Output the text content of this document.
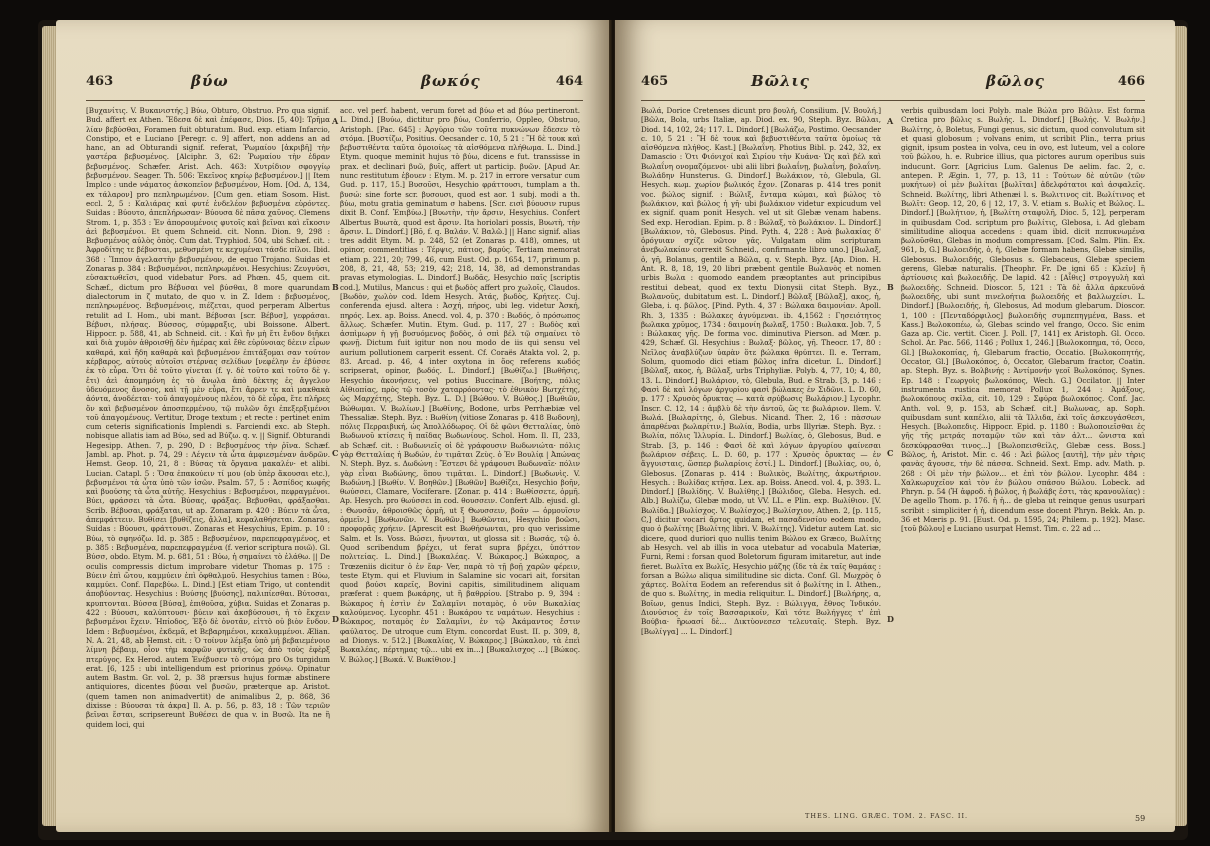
463	βύω	βωκός	464

[Βυχανίτις. V. Βυκανιστής.] Βύω, Obturo, Obstruo. Pro qua signif. Bud. affert ex Athen. Ἔδεσα δὲ καὶ ἐπέφασε, Dios. [5, 40]: Τρῆμα λίαν βεβύσθαι, Foramen fuit obturatum. Bud. exp. etiam Infarcio, Constipo, et e Luciano [Peregr. c. 9] affert, non addens an ad hanc, an ad Obturandi signif. referat, Ῥωμαίου [ἀκριβῆ] τὴν γαστέρα βεβυσμένος. [Alciphr. 3, 62: Ῥωμαίου τὴν ἐδραν βεβυσμένος. Schæfer. Arist. Ach. 463: Χυτρίδιον σφογγίῳ βεβυσμένον. Seager. Th. 506: Ἐκεῖνος κηρίῳ βεβυσμένον.] || Item Implco : unde νάματος ἀσκοπεῖον βεβυσμένον, Hom. [Od. Δ, 134, ex τάλαρον] pro πεπληρωμένον. [Cum gen. etiam Sosom. Hist. eccl. 2, 5 : Καλιάρας καὶ φυτέ ἐνδελέον βεβυσμένα εὑρόντες. Suidas : Βύουτο, ἀπεπλήρωσαν· Βύουσα δὲ πᾶσα χαῦνος. Clemens Strom. 1, p. 353 : Ἐν ἀπορουμένοις φυτοῖς καὶ βεῖναι καὶ εἴκοσιν ἀεὶ βεβυσμένοι. Et quem Schneid. cit. Nonn. Dion. 9, 298 : Βεβυσμένος αὐλὸς ὁπὸς. Cum dat. Tryphiod. 504, ubi Schæf. cit. : Ἀφροδίτης τε βέβυσται, μεθυσμένη τε κεχυμέναι τάσδε πίλοι. Ibid. 368 : Ἵππον ἀγελαστὴν βεβυσμένον, de equo Trojano. Suidas et Zonaras p. 384 : Βεβυσμένοι, πεπληρωμένοι. Hesychius: Ζευγνύσι, εὐσακτωθεῖσι, quod videbatur Pors. ad Phœn. 45, quem cit. Schæf., dictum pro Βέβυσαι vel βύσθαι, 8 more quarundam dialectorum in ζ mutato, de quo v. in Ζ. Idem : βεβυσμένος, πεπληρωμένος. Βεβυσμένοις, πιέζεται, quod perperam Albertus retulit ad I. Hom., ubi mant. Βέβυσαι [scr. Βέβυσ], γεφράσαι. Βέβυσι, πλήσας. Βύσσος, σύμφραξις, ubi Boissone. Albert. Hippocr. p. 588, 41, ab Schneid. cit. : Καὶ ἤν μὴ ἔτι ἔνδον διῆκει καὶ διὰ χυμὸν ἀθροισθῇ δὲν ἡμέρας καὶ ἔθε εὐρύνοιας δὲειν εἶρων καθαρά, καὶ ἤδη καθαρὰ καὶ βεβυσμένον ἐπιτάξομαι σαν τούτον κέρβαρος, αὐτοὺς αὐτοῖσι στέρνας σελίδων [νεφέλην ἐν ἐβύσσε ἐκ τὸ εὖρα. Ὅτι δὲ τοῦτο γίνεται (f. γ. δὲ τοῦτο καὶ τοῦτο δὲ γ. ἔτι) ἀεὶ ἀπομημόνη ἐς τὸ ἄνωλα ἀπὸ δὲκτης ἐς ἄγγελον ὑδευόμενος ἄνοσος, καὶ τῇ μὲν εὖρα, ἔτι ἄρρεν τε καὶ μακθακὰ ἀόντα, ἀνοδέεται· τοῦ ἀπαγομένους πλέον, τὸ δὲ εὖρα, ἔτε πλῆρες ὄν καὶ βεβυσμένον ἀποσπερμένου, τῷ πυλῶν ὄχι ἐπεξερξιμένοι τοῦ ἀπαγομένους. Vertitur, Droge textum ; et recte : pertinet enim cum ceteris significationis Implendi s. Farciendi exc. ab Steph. nobisque allatis iam ad Βύω, sed ad Βύζω. q. v. || Signif. Obturandi Hegesipp. Athen. 7, p. 290, D : Βεβυσμένος τὴν ῥῖνα. Schæf. Jambl. ap. Phot. p. 74, 29 : Λέγειν τὰ ὦτα ἀμφιεσμέναν ἀνδρῶν. Hemst. Geop. 10, 21, 8 : Βύσας τὰ ὄργανα μακαλέν· et alibi. Lucian. Catapl. 5 : Ὅσα ἐπακούειν τί μου (ob ὑπὲρ ἄκουσαι etc.), βεβυσμένοι τὰ ὦτα ὑπὸ τῶν ἰσῶν. Psalm. 57, 5 : Ἀσπίδος κωφῆς καὶ βυούσης τὰ ὦτα αὐτῆς. Hesychius : Βεβυσμένοι, πεφραγμένοι. Βύει, φράσσει τὰ ὦτα. Βύσας, φράξας. Βεβυσθαι, φράξασθαι. Scrib. Βέβυσαι, φράξαται, ut ap. Zonaram p. 420 : Βύειν τὰ ὦτα, ἀπεμφάττειν. Βυθίσει [βυθίζεις, ᾄλλα], κεφαλαθήσεται. Zonaras, Suidas : Βύουσι, φράττουσι. Zonaras et Hesychius, Epim. p. 10 : Βύω, τὸ σφηνόζω. Id. p. 385 : Βεβυσμένον, παρεπεφραγμένος, et p. 385 : Βεβυσμένα, παρεπεφραγμένα (f. verior scriptura ποιῶ). Gl. Βύσσ, obdo. Etym. M. p. 681, 51 : Βύω, ἡ σημαίνει τὸ ἐλάθω. || De oculis compressis dictum improbare videtur Thomas p. 175 : Βύειν ἐπὶ ὤτου, καμμύειν ἐπὶ ὀφθαλμοῦ. Hesychius tamen : Βύω, καμμύει. Conf. Παρεβύω. L. Dind.] [Est etiam Trigo, ut contendit ἀποβύοντας. Hesychius : Βυύσης [βυύσης], παλιπίεσθαι. Βύτοσαι, κρυπτονται. Βύσσα [Βύσα], ἐπιθοῦσα, χύβια. Suidas et Zonaras p. 422 : Βύουσι, καλύπτουσι· βύειν καὶ ἀκσβύσουσι, ἡ τὸ ἔκχειν βεβυσμένοι ἔχειν. Ἠπίοδος, Ἐξὸ δὲ ὀνοτᾶν, εἰττὸ οὐ βιὸν ἔνδον. Idem : Βεβυσμένοι, ἐκδεμᾶ, et Βεβαρημένοι, κεκαλυμμένοι. Ælian. N. A. 21, 48, ab Hemst. cit. : Ὁ τοίνυν λέμξα ὑπὸ μή βεβαιεμένοιο λίμνη βέβαιμ, οἷον τὴμ καρφῶν φυτικῆς, ὠς ἀπὸ τοὺς ἐφὲρξ πτερύγος. Ex Herod. autem Ἐνέβυσεν τὸ στόμα pro Os turgidum erat. [6, 125 : ubi intelligendum est priorinus χρόνῳ. Opinatur autem Bastm. Gr. vol. 2, p. 38 prærsus hujus formæ abstinere antiquiores, dicentes βύσαι vel βυσῶν, præterque ap. Aristot. (quem tamen non animadvertit) de animalibus 2, p. 868, 36 dixisse : Βύουσαι τὰ ἀκρα] Il. A. p. 56, p. 83, 18 : Τῶν τεριῶν βεῖναι ἔσται, scripsereunt Βυθέσει de qua v. in Βυσῶ. Ita ne ἢ quidem loci, qui

acc. vel perf. habent, verum foret ad βύω et ad βύω pertineront. L. Dind.] [Βυύω, dictitur pro βύω, Conferrio, Oppleo, Obstruo, Aristoph. [Pac. 645] : Ἀργύριο τῶν τοῦτα πυκνώνων ἔδεσεν τὸ στόμα. [Βυστίζω, Positius. Oecsander c. 10, 5 21 : Ἢ δὲ τουκ καὶ βεβυστιθέντα ταῦτα ὁμοιοίως τὰ αἰσθόμενα πλήθωμα. L. Dind.] Etym. quoque meminit hujus τὸ βύω, dicens e fut. transsisse in prax. et declinari βυῶ, βυῖς, affert ut particip. βυῶν. [Apud Ar. nunc restitutum ἐβουεν : Etym. M. p. 217 in errore versatur cum Gud. p. 117, 15.] Βυσοῦσι, Hesychio φράττουσι, tumplam a th. βυσώ: sine forte scr. βυσουσι, quod est aor. 1 subj. modi a th. βύω, motu gratia geminatum σ habens. [Scr. εισὶ βύουσιν rupus dixit Β. Conf. Ἐπιβύω.] [Βυωτὴν, τὴν ἄρσιν, Hesychius. Confert Albertus Βυωτὰ, quod est ἄρσιν. Ita horiolari possis, Βυωτὴ, τὴν ἄρσιν. L. Dindorf.] [Bō, f. q. Βαλάν. V. Βαλῶ.] || Hanc signif. alias tres addit Etym. M. p. 248, 52 (et Zonaras p. 418), omnes, ut opinor, commentitias : Τέρψις, πάτιος, βαρύς. Tertiam memorat etiam p. 221, 20; 799, 46, cum Eust. Od. p. 1654, 17, primum p. 208, 8, 21, 48, 53; 219, 42; 218, 14, 38, ad demonstrandas pravas etymologias. L. Dindorf.] Βωδᾶς, Hesychio παῖς [scriptis cod.], Mutilus, Mancus : qui et βωδὸς affert pro χωλοῖς, Claudos. [Βωδὸν, χωλὸν cod. Idem Hesych. Ἀτάς, βωδὸς, Κρήτες. Cuj. conferenda ejusd. altera : Ἀσχή, πήρος, ubi leg. videtur Ἀσκή, πηρός. Lex. ap. Boiss. Anecd. vol. 4, p. 370 : Βωδός, ὁ πρόσωπος ἄλλως. Schæfer. Mutin. Etym. Gud. p. 117, 27 : Βωδὸς καὶ ἀσπὶμωρν ἡ γῇ βυσυόμενος βοδὸς, ὁ σπὶ βέλ τῷ σημαίνει τὸ φωνῇ. Dictum fuit igitur non nou modo de iis qui sensu vel aurium pollutionem carperit essent. Cf. Coraës Atakta vol. 2, p. 83. Arcad. p. 46, 4 inter oxytona in ὄος referens κωδός scripserat, opinor, βωδός. L. Dindorf.] [Βωθίζω.] [Βωθῆσις, Hesychio ἀκονήσεις, vel potius Buccinare. [Βοήτης, πόλις Αἰθιοπίας, πρὸς τῷ τοσὸν χαταρρόοντας· τὸ ἐθνικὸν Βωτχέτης, ὡς Μαρχέτης, Steph. Byz. L. D.] [Βώθου. V. Βώθος.] [Βωθιῶν, Βώθωμαι. V. Βωλίων.] [Βωθίνης, Bodone, urbs Perrhæbiæ vel Thessaliæ. Steph. Byz. : Βωθίνη (vitiose Zonaras p. 418 Βωδονη), πόλις Περραιβική, ὡς Ἀπολλόδωρος. Οἱ δὲ φῶνι Θετταλίας, ὑπὸ Βωδωνοῦ κτίσεις ἢ παῖδας Βωδωνίους. Schol. Hom. Il. Π, 233, ab Schæf. cit. : Βωδωνιεῖς οἱ δὲ γράφουσιν Βωδωνιώτα· πόλις γὰρ Θετταλίας ἡ Βωδών, ἐν τιμᾶται Ζεὺς. ὁ Ἐν Βουλίᾳ | Ἀπώνας N. Steph. Byz. s. Δωδώνη : Ἔστεσι δὲ γράφουσι Βωδωναῖε· πόλιν γὰρ εἶναι Βωδώνης, ὅπου τιμᾶται. L. Dindorf.] [Βωδωνὶς. V. Βωδώνη.] [Βωθίν. V. Βοηθῶν.] [Βωθῶν] Βωθίζει, Hesychio βοῆν, θωύσσει, Clamare, Vociferare. [Zonar. p. 414 : Βωθίσσετε, ὀρμῆ. Ap. Hesych. pro θωύσσει in cod. θουσσειν. Confert Alb. ejusd. gl. : Θωυσᾶν, ἀθροισθῶς ὀρμῆ, ut ξ Θωυσσειν, βοᾶν — ὀρμουῖσιν ὀρμεῖν.] [Βωθωνῶν. V. Βωθῶν.] Βωθῶνται, Hesychio βοῶσι, προφορᾶς χρήειν. [Aprescit est Βωθήσωνται, pro quo verissime Salm. et Is. Voss. Βώσει, ἥνυνται, ut glossa sit : Βωσάς, τῷ ὀ. Quod scribendum βρέχει, ut ferat supra βρέχει, ὑπόττον πολιτείας. L. Dind.] [Βωκαλέας. V. Βώκαρος.] Βώκαρος, a Trœzeniis dicitur ὁ ἐν ἔαρ· Ver, παρὰ τὸ τῇ βοῇ χαρῶν φέρειν, teste Etym. qui et Fluvium in Salamine sic vocari ait, forsitan quod βούσι καρεῖς, Bovini capitis, similitudinem aliquam præferat : quem βωκάρης, ut ἢ βαθρρίου. [Strabo p. 9, 394 : Βώκαρος ἡ ἐστὶν ἐν Σαλαμῖνι ποταμὸς, ὁ νῦν Βωκαλίας καλούμενος. Lycophr. 451 : Βωκάρου τε ναμάτων. Hesychius : Βώκαρος, ποταμὸς ἐν Σαλαμῖνι, ἐν τῷ Ἀκάμαντος ἔστιν φαύλατος. De utroque cum Etym. concordat Eust. II. p. 309, 8, ad Dionys. v. 512.] [Βωκαλίας, V. Βώκαρος.] [Βώκαλον, τὰ ἐπεὶ Βωκαλέας, πέρτημας τῷ... ubi ex in...] [Βωκαλισχος ...] [Βώκος. V. Βώλος.] [Βωκά. V. Βωκίθιον.]

A
B
C
D
465	Βῶλις	βῶλος	466

Βωλά, Dorice Cretenses dicunt pro βουλή, Consilium. [V. Βουλή.] [Βῶλα, Bola, urbs Italiæ, ap. Diod. ex. 90, Steph. Byz. Βῶλαι, Diod. 14, 102, 24; 117. L. Dindorf.] [Βωλάζω, Postimo. Oecsander c. 10, 5 21 : Ἢ δὲ τουκ καὶ βεβυστιθέντα ταῦτα ὁμοίως τὰ αἰσθόμενα πλήθος. Kast.] [Βωλαΐνη. Photius Bibl. p. 242, 32, ex Damascio : Ὁτι Φιόνιχοί καὶ Σιρίου τὴν Κυάνα· Ὡς καὶ βέλ καὶ Βωλαΐνη ονομαζόμενοι· ubi alii libri βωλαΐνῃ, βωλαΐνη, βολαΐνη. Βωλάδην Hunsterus. G. Dindorf.] Βωλάκιον, τὸ, Glebula, Gl. Hesych. κωμ. χωρίον βωλικός ἔχον. [Zonaras p. 414 tres ponit voc. βώλος signif. : Βώλιξ, ἔνταμα κώμαι, καὶ βώλος τὸ βωλάκιον, καὶ βώλος ἡ γῆ· ubi βωλάκιον videtur expicudum vel ex signif. quam ponit Hesych. vel ut sit Glebæ venam habens. Sed exp. Herodian. Epim. p. 8 : Βώλαξ, τὸ βωλάκιον. L. Dindorf.] [Βωλάκιον, τὸ, Glebosus. Pind. Pyth. 4, 228 : Ἀνὰ βωλακίας δ' ὀρόγυιαν σχίζε νῶτον γᾶς. Vulgatam olim scripturam ἀνεβωλακίαν correxit Schneid., confirmante libro uno.] [Βωλαξ, ὁ, γῆ, Bolanus, gentile a Βῶλα, q. v. Steph. Byz. [Ap. Dion. H. Ant. R. 8, 18, 19, 20 libri præbent gentile Βωλανὸς et nomen urbis Βωλα : quomodo eandem præoptantes aut principibus restitui debeat, quod ex textu Dionysii citat Steph. Byz., Βωλανοῦς, dubitatum est. L. Dindorf.] Βῶλαξ [Βῶλαξ], ακος, ἡ, Gleba, i. q. βῶλος. [Pind. Pyth. 4, 37 : Βώλακα δαιμονίαν. Apoll. Rh. 3, 1335 : Βώλακες ἀγνύμεναι. ib. 4,1562 : Γησειότητος βωλακα χρῦμος, 1734 : δαιμονίη βωλαξ, 1750 : Βωλακα. Job. 7, 5 : Βώλακας γῆς. De forma voc. diminutiva Pierson. ad Mœr. p. 429, Schæf. Gl. Hesychius : Βωλαξ· βῶλος, γῆ. Theocr. 17, 80 : Νεῖλος ἀναβλύζων ὑαρὰν ὅτε βώλακα θρύπτει. Il. e. Terram, Solum, quomodo dici etiam βῶλος infra dicetur. L. Dindorf.] [Βῶλαξ, ακος, ἡ, Βῶλαξ, urbs Triphyliæ. Polyb. 4, 77, 10; 4, 80, 13. L. Dindorf.] Βωλάριον, τὸ, Glebula, Bud. e Strab. [3, p. 146 : Φασὶ δὲ καὶ λόγων ἀργυρίου φασὶ βώλακες ἐν Σιδῶνι. L. D. 60, p. 177 : Χρυσὸς ὄρυκτας — κατὰ σρύβωσις Βωλάριον.] Lycophr. Inscr. C. 12, 14 : ἀμβλὺ δὲ τὴν ἀντοῦ, ὥς τε βωλάριον. Ilem. V. Βωλά. [Βωλαρίτης, ὁ, Glebus. Nicand. Ther. 2, 16 : πὰσσων ἀπαρθέναι βωλαρίτιν.] Βωλία, Bodia, urbs Illyriæ. Steph. Byz. : Βωλία, πόλις Ἰλλυρία. L. Dindorf.] Βωλίας, ὁ, Glebosus, Bud. e Strab. [3, p. 146 : Φασὶ δὲ καὶ λόγων ἀργυρίου φαίνεσαι βωλάριον σέβεις. L. D. 60, p. 177 : Χρυσὸς ὄρυκτας — ἐν ἄγγυισταις, ὥσπερ βωλαρίοις ἐστί.] L. Dindorf.] [Βωλίας, ου, ὁ, Glebosus. [Zonaras p. 414 : Βωλικὸς, Βωλίτης, ἀκρωτήριον. Hesych. : Βωλίδας κτῆσα. Lex. ap. Boiss. Anecd. vol. 4, p. 393. L. Dindorf.] [Βωλίδης. V. Βωλίθης.] [Βώλιδος, Gleba. Hesych. ed. Alb.] Βωλίζω, Glebæ modo, ut VV. LL. e Plin. exp. Βωλίθιον. [V. Βωλίδα.] [Βωλίσχος. V. Βωλίσχος.] Βωλίσχιον, Athen. 2, [p. 115, C,] dicitur vocari ἄρτος quidam, et πασαδενσίου eodem modo, quo ὁ βωλίτης [Βωλίτης libri. V. Βωλίτης]. Videtur autem Lat. sic dicere, quod duriori quo nullis tenim Βώλου ex Græco, Βωλίτης ab Hesych. vel ab illis in voca utebatur ad vocabula Materiæ, Furni, Remi : forsan quod Boletorum figuram imitaretur, aut inde fieret. Βωλῖτα ex Βωλῖς, Hesychio μάζης (ἴδε τὰ ἐκ ταῖς θαμάας : forsan a Βώλω aliqua similitudine sic dicta. Conf. Gl. Μωχρὸς ὁ χάρτες. Βολίτα Eodem an referendus sit ὁ βωλίτης in I. Athen., de quo s. Βωλίτης, in media reliquitur. L. Dindorf.] [Βωλήρης, α, Βοῖων, genus Indici, Steph. Byz. : Βώλιγγα, ἔθνος Ἰνδικόν. Διονύσιος ἐν τοῖς Βασσαρικοῖν, Καὶ τότε Βωλήγγες τ' ἐπὶ Βούβια· ἢρωασί δὲ... Δικτὺονεσεσ τελευταῖς. Steph. Byz. [Βωλίγγα] ... L. Dindorf.]

verbis quibusdam loci Polyb. male Βώλα pro Βῶλιν. Est forma Cretica pro βῶλις s. Βωλής. L. Dindorf.] [Βωλής. V. Βωλὴν.] Βωλίτης, ὁ, Boletus, Fungi genus, sic dictum, quod convolutum sit et quasi globosum ; volvans enim, ut scribit Plin., terra prius gignit, ipsum postea in volva, ceu in ovo, est luteum, vel a colore τοῦ βώλου, h. e. Rubrice illius, qua pictores aurum operibus suis inducunt. Gorr. [Agricius Lum. Galenus De aelim. fac. 2, c. antepen. P. Ægin. 1, 77, p. 13, 11 : Τούτων δὲ αὐτῶν (τῶν μυκήτων) οἱ μὲν βωλίται [βωλῖται] ἀδελφότατοι καὶ ἀσφαλεῖς. Schneid. Βωλίτης, libri Athenæi l. s. Βωλιτινος cit. Βωλίτινος et Βωλῖτ: Geop. 12, 20, 6 | 12, 17, 3. V. etiam s. Βωλίς et Βώλος. L. Dindorf.] [Βωλήτιον, ἡ, [Βωλίτη σταφυλῆ, Dioc. 5, 12], perperam in quibusdam Cod. scriptum pro βωλίτις, Glebosa, i. Ad glebam similitudine alioqua accedens : quam ibid. dicit πεπυκνωμένα βωλοῦσθαι, Glebas in modum compressam. [Cod. Salm. Plin. Ex. 961, b, G.] Βωλοειδής, ὁ, ἡ, Glebæ formam habens, Glebæ similis, Glebosus. Βωλοειδής, Glebosus s. Glebaceus, Glebæ speciem gerens, Glebæ naturalis. [Theophr. Fr. De igni 65 : Κλεῖν] ἢ ἀρτίουσις καὶ βωλοειδῆς. De lapid. 42 : [Αἶθις] στρογγυλὴ καὶ βωλοειδὴς. Schneid. Dioscor. 5, 121 : Τὰ δὲ ἄλλα ἀρκευῦνά βωλοειδῆς, ubi sunt πινελοήτια βωλοειδής et βαλλωχείσι. L. Dindorf.] [Βωλοειδής, ἡ, Glebosus, Ad modum glebarum. Dioscor. 1, 100 : [Πενταδόρφιλος] βωλοειδὴς συμπεπηγμένα, Bass. et Kass.] Βωλοκοπέω, ὦ, Glebas scindo vel frango, Occo. Sic enim Gaza ap. Cic. vertit. Cicer. J. Poll. [7, 141] ex Aristoph. Gl. Occo. Schol. Ar. Pac. 566, 1146 ; Pollux 1, 246.] [Βωλοκοπημα, τό, Occo, Gl.] [Βωλοκοπίας, ἡ, Glebarum fractio, Occatio. [Βωλοκοπητής, Occator, Gl.] [Βωλοκόπος, ὁ, Occator, Glebarum fractor, Coatin. ap. Steph. Byz. s. Βολβινής : Ἀντίμονήν γεοῖ Βωλοκόπος. Synes. Ep. 148 : Γεωργοὶς βωλοκόπος, Wech. G.] Occilator. || Inter instrumenta rustica memorat Pollux 1, 244 : Ἀμάξους, βωλοκόπους σκῖλα, cit. 10, 129 : Σφύρα βωλοκόπος. Conf. Jac. Anth. vol. 9, p. 153, ab Schæf. cit.] Βωλωνας, ap. Soph. quibusdam sunt καπέλιο, alii τὰ Ἰλλιδα, ἐκὶ τοῖς ἀσκευγάσθεσι, Hesych. [Βωλοπεδις. Hippocr. Epid. p. 1180 : Βωλοποιεῖσθαι ἐς γῆς τῆς μετράς ποταμῷν τῶν καὶ τὰν ἀλτ... ὤνιστα καὶ δεσκύφρασθαι τινος...] [Βωλοπεισθείλς, Glebæ cess. Boss.] Βῶλος, ἡ, Aristot. Mir. c. 46 : Ἀεὶ βώλος [αυτὴ], τὴν μὲν τὴρις φανὰς ἄγουσε, τὴν δὲ πάσσα. Schneid. Sext. Emp. adv. Math. p. 268 : Οἱ μὲν τὴν βώλον... et ἐπὶ τὸν βώλον. Lycophr. 484 : Χαλκωρυχεῖον καὶ τὸν ἐν βώλου σπάσου Βώλου. Lobeck. ad Phryn. p. 54 (Ἡ ἀφροδ. ἡ βώλος, ἡ βωλάβς ἐστι, τὰς κρανουλίας) : De agello Thom. p. 176. ἡ ἡ... de gleba ut reinque genus usurpari scribit : simpliciter ἡ ἡ, dicendum esse docent Phryn. Bekk. An. p. 36 et Mœris p. 91. [Eust. Od. p. 1595, 24; Philem. p. 192]. Masc. [τοῦ βῶλου] e Luciano usurpat Hemst. Tim. c. 22 ad ...

A
B
C
D
THES. LING. GRÆC. TOM. 2. FASC. II.	59
